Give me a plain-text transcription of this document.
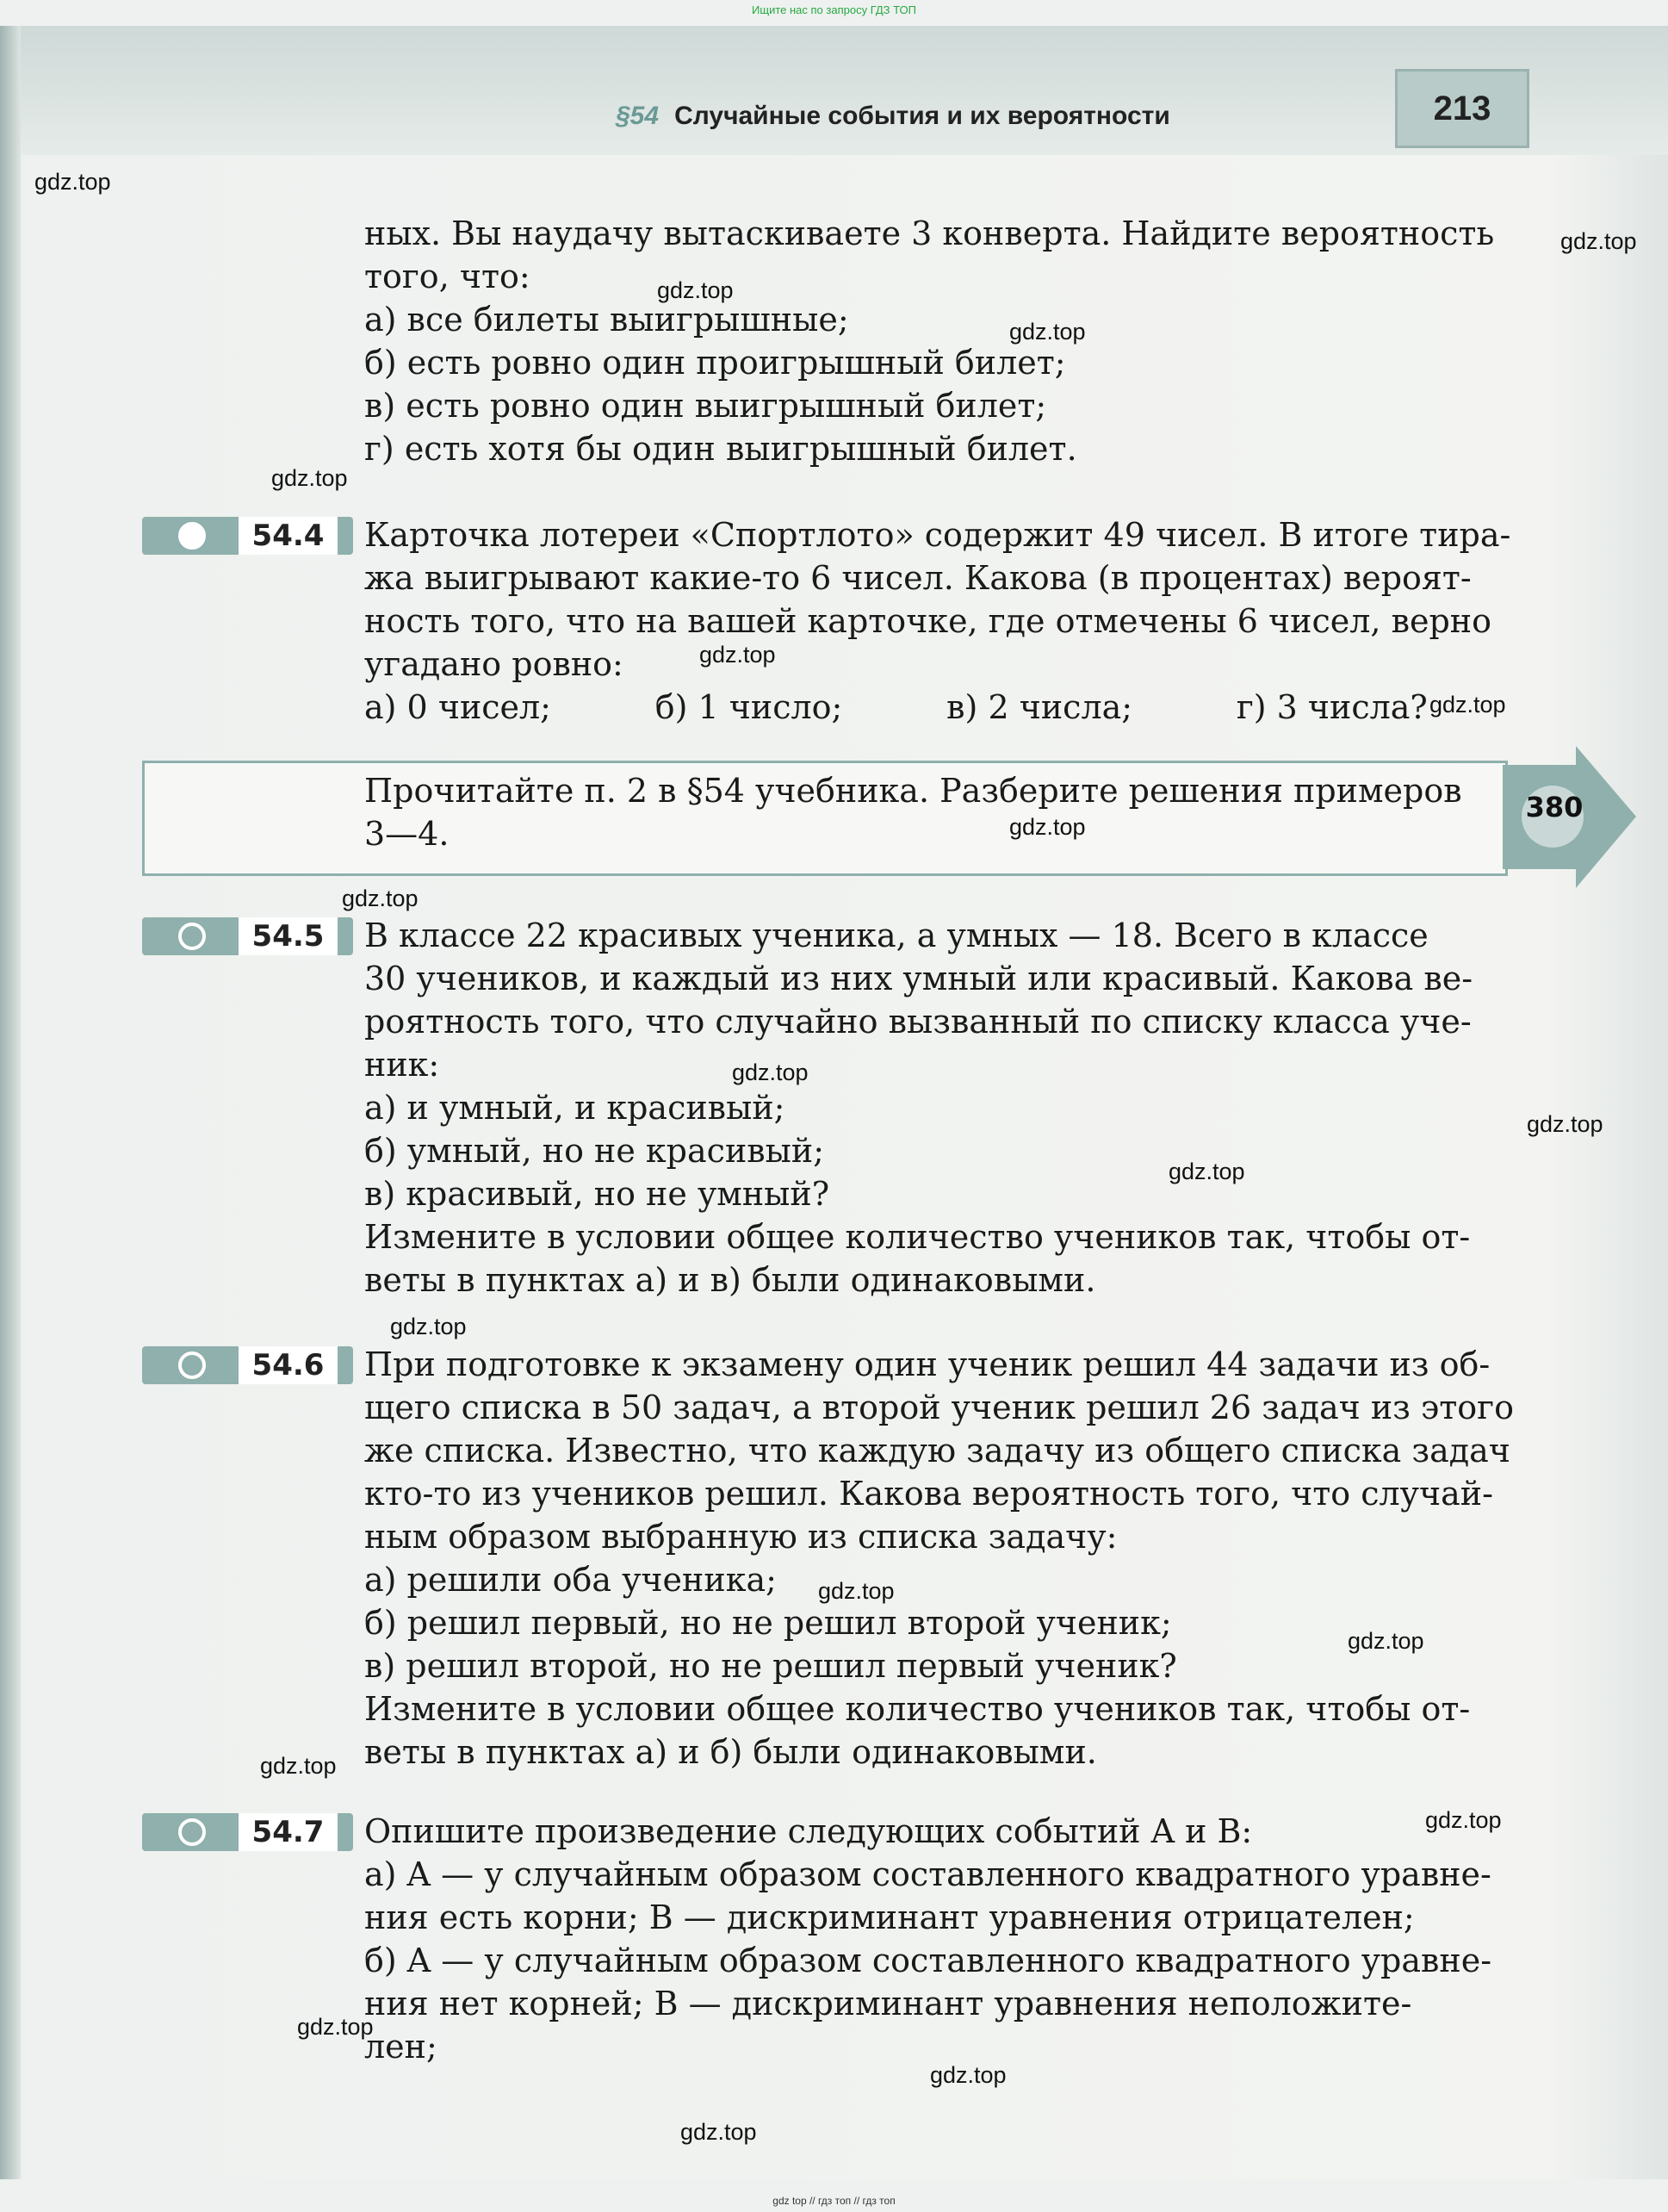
Ищите нас по запросу ГДЗ ТОП
§54 Случайные события и их вероятности	213
ных. Вы наудачу вытаскиваете 3 конверта. Найдите вероятность
того, что:
а) все билеты выигрышные;
б) есть ровно один проигрышный билет;
в) есть ровно один выигрышный билет;
г) есть хотя бы один выигрышный билет.
54.4	Карточка лотереи «Спортлото» содержит 49 чисел. В итоге тира-
жа выигрывают какие-то 6 чисел. Какова (в процентах) вероят-
ность того, что на вашей карточке, где отмечены 6 чисел, верно
угадано ровно:
а) 0 чисел;          б) 1 число;          в) 2 числа;          г) 3 числа?
Прочитайте п. 2 в §54 учебника. Разберите решения примеров
3—4.
380
54.5	В классе 22 красивых ученика, а умных — 18. Всего в классе
30 учеников, и каждый из них умный или красивый. Какова ве-
роятность того, что случайно вызванный по списку класса уче-
ник:
а) и умный, и красивый;
б) умный, но не красивый;
в) красивый, но не умный?
Измените в условии общее количество учеников так, чтобы от-
веты в пунктах а) и в) были одинаковыми.
54.6	При подготовке к экзамену один ученик решил 44 задачи из об-
щего списка в 50 задач, а второй ученик решил 26 задач из этого
же списка. Известно, что каждую задачу из общего списка задач
кто-то из учеников решил. Какова вероятность того, что случай-
ным образом выбранную из списка задачу:
а) решили оба ученика;
б) решил первый, но не решил второй ученик;
в) решил второй, но не решил первый ученик?
Измените в условии общее количество учеников так, чтобы от-
веты в пунктах а) и б) были одинаковыми.
54.7	Опишите произведение следующих событий A и B:
а) A — у случайным образом составленного квадратного уравне-
ния есть корни; B — дискриминант уравнения отрицателен;
б) A — у случайным образом составленного квадратного уравне-
ния нет корней; B — дискриминант уравнения неположите-
лен;
gdz.top
gdz.top
gdz.top
gdz.top
gdz.top
gdz.top
gdz.top
gdz.top
gdz.top
gdz.top
gdz.top
gdz.top
gdz.top
gdz.top
gdz.top
gdz.top
gdz.top
gdz.top
gdz.top
gdz.top
gdz top // гдз топ // гдз топ
